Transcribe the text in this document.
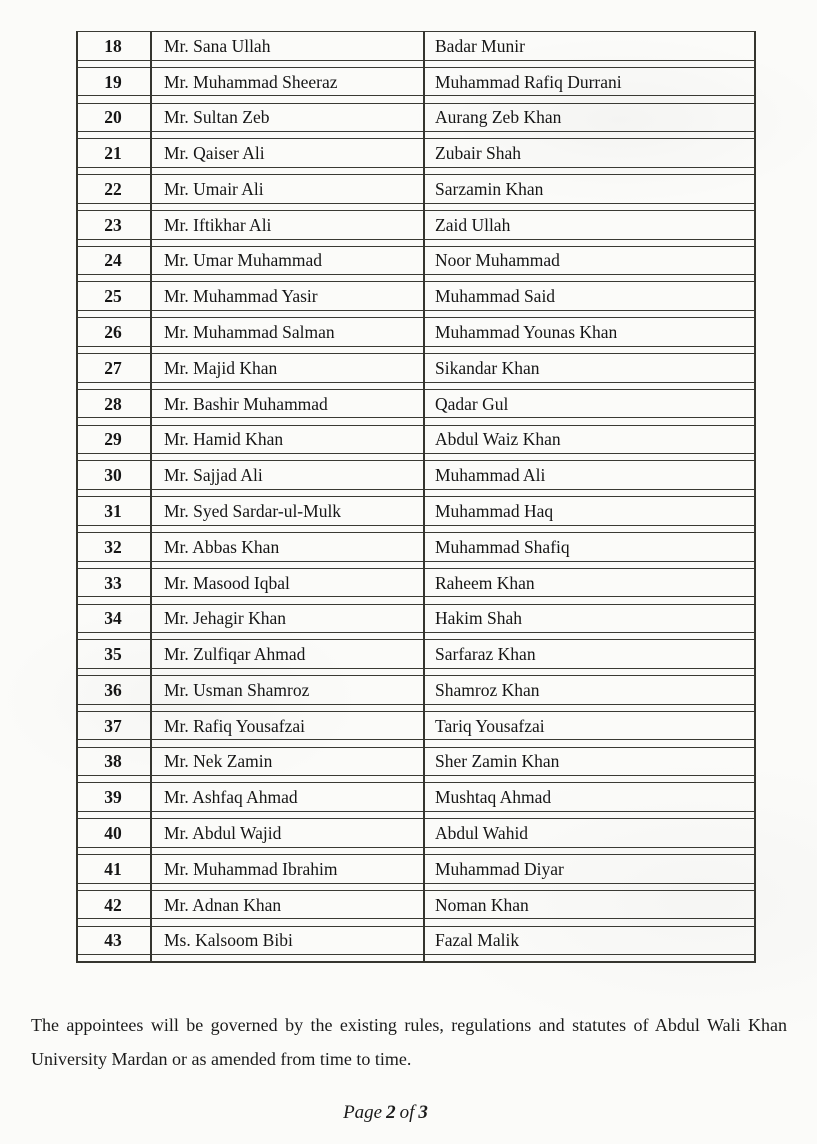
18	Mr. Sana Ullah	Badar Munir
19	Mr. Muhammad Sheeraz	Muhammad Rafiq Durrani
20	Mr. Sultan Zeb	Aurang Zeb Khan
21	Mr. Qaiser Ali	Zubair Shah
22	Mr. Umair Ali	Sarzamin Khan
23	Mr. Iftikhar Ali	Zaid Ullah
24	Mr. Umar Muhammad	Noor Muhammad
25	Mr. Muhammad Yasir	Muhammad Said
26	Mr. Muhammad Salman	Muhammad Younas Khan
27	Mr. Majid Khan	Sikandar Khan
28	Mr. Bashir Muhammad	Qadar Gul
29	Mr. Hamid Khan	Abdul Waiz Khan
30	Mr. Sajjad Ali	Muhammad Ali
31	Mr. Syed Sardar-ul-Mulk	Muhammad Haq
32	Mr. Abbas Khan	Muhammad Shafiq
33	Mr. Masood Iqbal	Raheem Khan
34	Mr. Jehagir Khan	Hakim Shah
35	Mr. Zulfiqar Ahmad	Sarfaraz Khan
36	Mr. Usman Shamroz	Shamroz Khan
37	Mr. Rafiq Yousafzai	Tariq Yousafzai
38	Mr. Nek Zamin	Sher Zamin Khan
39	Mr. Ashfaq Ahmad	Mushtaq Ahmad
40	Mr. Abdul Wajid	Abdul Wahid
41	Mr. Muhammad Ibrahim	Muhammad Diyar
42	Mr. Adnan Khan	Noman Khan
43	Ms. Kalsoom Bibi	Fazal Malik

The appointees will be governed by the existing rules, regulations and statutes of Abdul Wali Khan University Mardan or as amended from time to time.

Page 2 of 3
